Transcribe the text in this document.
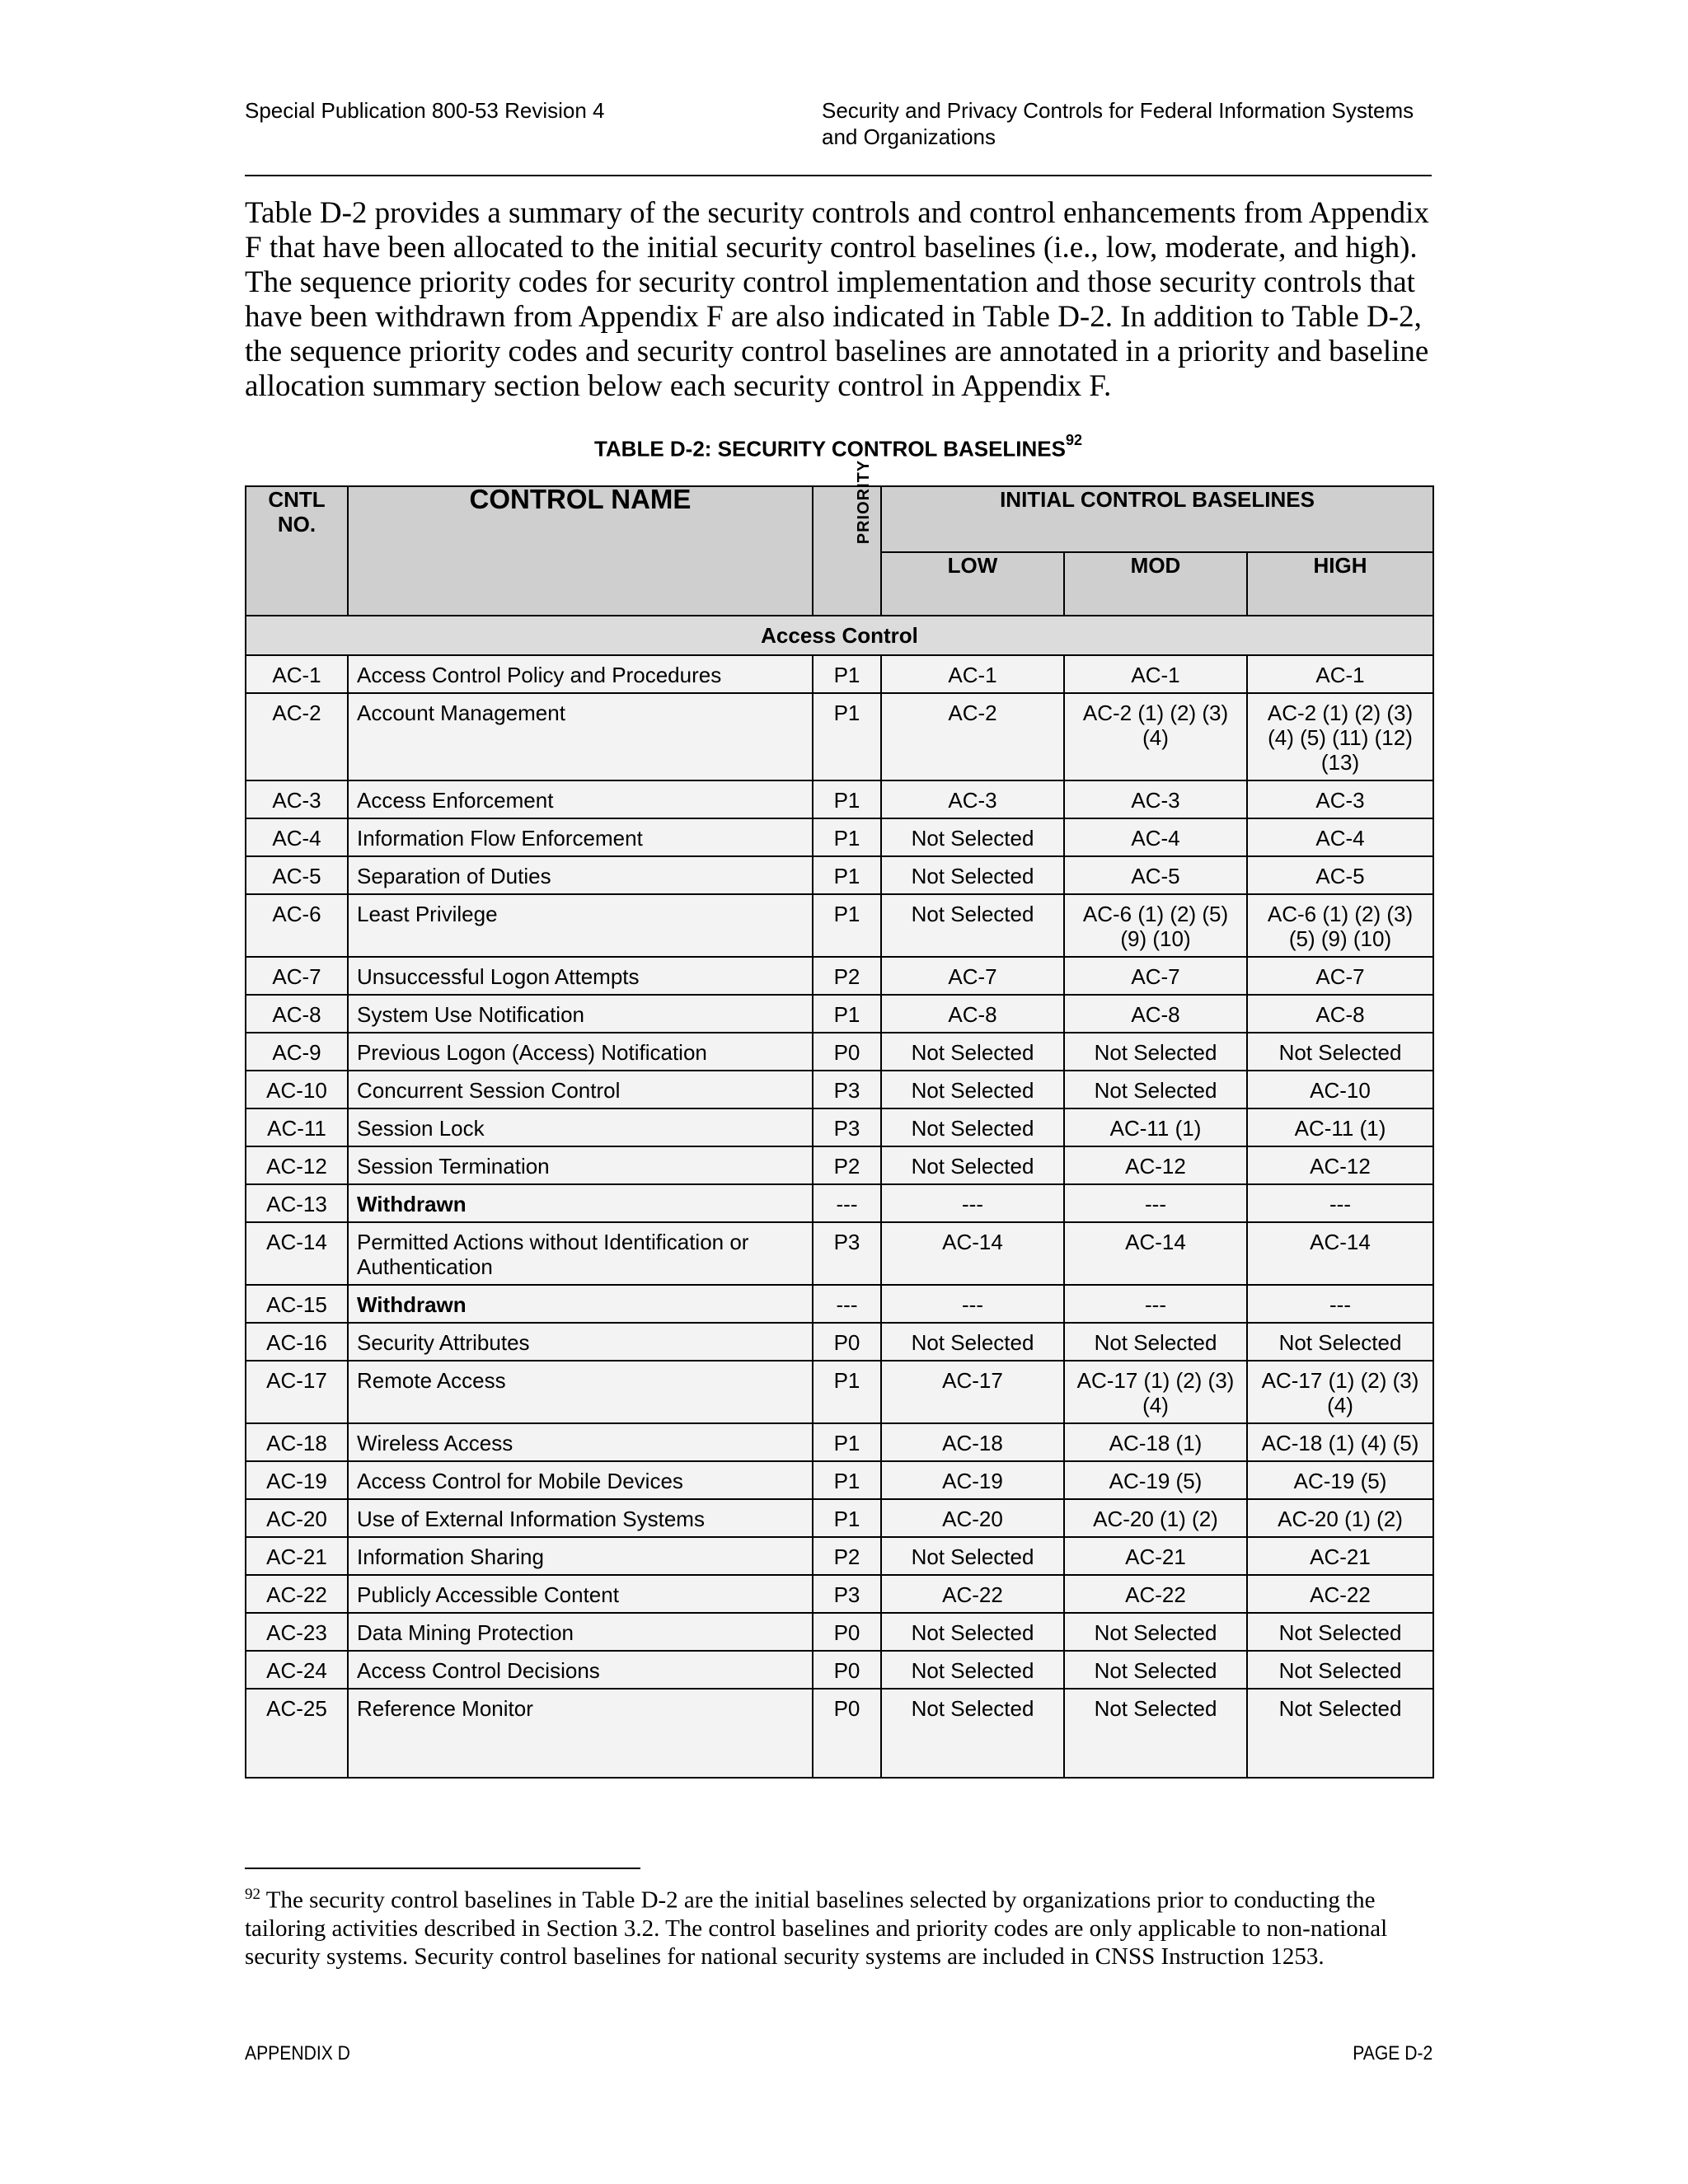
Special Publication 800-53 Revision 4	Security and Privacy Controls for Federal Information Systems
and Organizations

Table D-2 provides a summary of the security controls and control enhancements from Appendix F that have been allocated to the initial security control baselines (i.e., low, moderate, and high). The sequence priority codes for security control implementation and those security controls that have been withdrawn from Appendix F are also indicated in Table D-2. In addition to Table D-2, the sequence priority codes and security control baselines are annotated in a priority and baseline allocation summary section below each security control in Appendix F.

TABLE D-2: SECURITY CONTROL BASELINES$^{92}$
CNTL
NO.	CONTROL NAME	PRIORITY	INITIAL CONTROL BASELINES		
			LOW	MOD	HIGH
Access Control					
AC-1	Access Control Policy and Procedures	P1	AC-1	AC-1	AC-1
AC-2	Account Management	P1	AC-2	AC-2 (1) (2) (3) (4)	AC-2 (1) (2) (3) (4) (5) (11) (12) (13)
AC-3	Access Enforcement	P1	AC-3	AC-3	AC-3
AC-4	Information Flow Enforcement	P1	Not Selected	AC-4	AC-4
AC-5	Separation of Duties	P1	Not Selected	AC-5	AC-5
AC-6	Least Privilege	P1	Not Selected	AC-6 (1) (2) (5) (9) (10)	AC-6 (1) (2) (3) (5) (9) (10)
AC-7	Unsuccessful Logon Attempts	P2	AC-7	AC-7	AC-7
AC-8	System Use Notification	P1	AC-8	AC-8	AC-8
AC-9	Previous Logon (Access) Notification	P0	Not Selected	Not Selected	Not Selected
AC-10	Concurrent Session Control	P3	Not Selected	Not Selected	AC-10
AC-11	Session Lock	P3	Not Selected	AC-11 (1)	AC-11 (1)
AC-12	Session Termination	P2	Not Selected	AC-12	AC-12
AC-13	Withdrawn	---	---	---	---
AC-14	Permitted Actions without Identification or Authentication	P3	AC-14	AC-14	AC-14
AC-15	Withdrawn	---	---	---	---
AC-16	Security Attributes	P0	Not Selected	Not Selected	Not Selected
AC-17	Remote Access	P1	AC-17	AC-17 (1) (2) (3) (4)	AC-17 (1) (2) (3) (4)
AC-18	Wireless Access	P1	AC-18	AC-18 (1)	AC-18 (1) (4) (5)
AC-19	Access Control for Mobile Devices	P1	AC-19	AC-19 (5)	AC-19 (5)
AC-20	Use of External Information Systems	P1	AC-20	AC-20 (1) (2)	AC-20 (1) (2)
AC-21	Information Sharing	P2	Not Selected	AC-21	AC-21
AC-22	Publicly Accessible Content	P3	AC-22	AC-22	AC-22
AC-23	Data Mining Protection	P0	Not Selected	Not Selected	Not Selected
AC-24	Access Control Decisions	P0	Not Selected	Not Selected	Not Selected
AC-25	Reference Monitor	P0	Not Selected	Not Selected	Not Selected

$^{92}$ The security control baselines in Table D-2 are the initial baselines selected by organizations prior to conducting the tailoring activities described in Section 3.2. The control baselines and priority codes are only applicable to non-national security systems. Security control baselines for national security systems are included in CNSS Instruction 1253.

APPENDIX D	PAGE D-2
